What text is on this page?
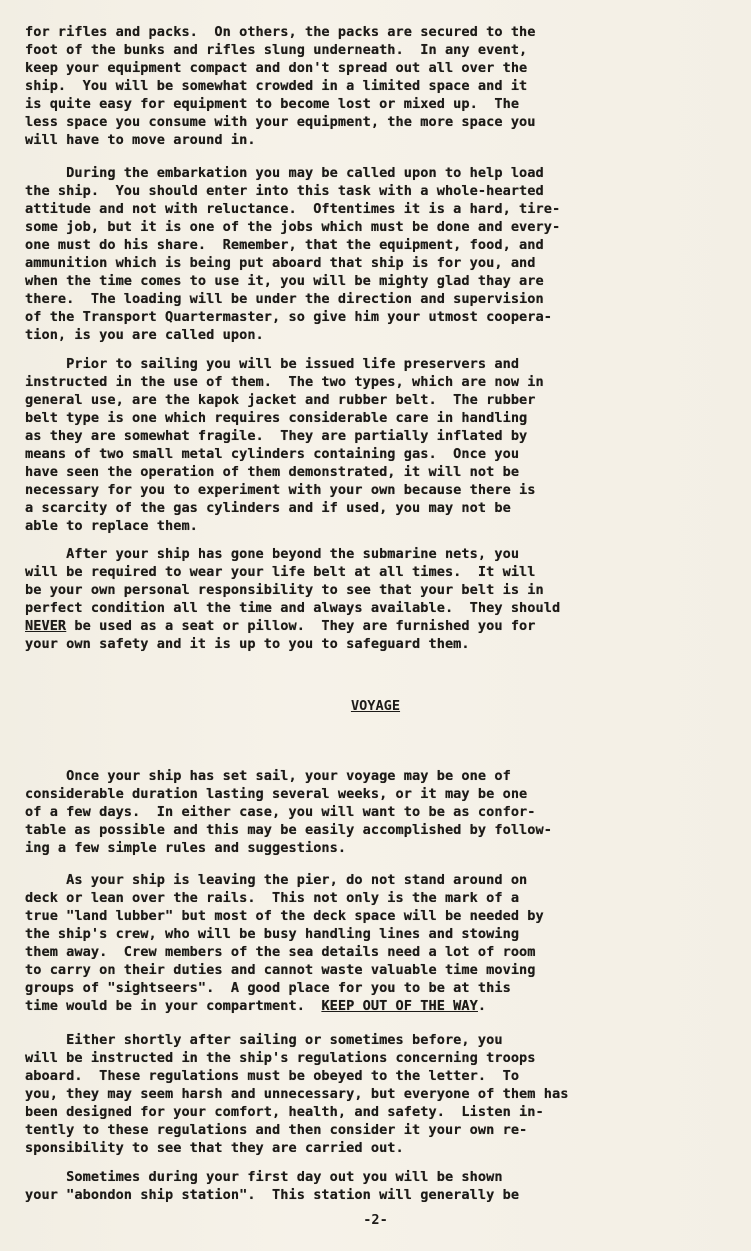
for rifles and packs.  On others, the packs are secured to the
foot of the bunks and rifles slung underneath.  In any event,
keep your equipment compact and don't spread out all over the
ship.  You will be somewhat crowded in a limited space and it
is quite easy for equipment to become lost or mixed up.  The
less space you consume with your equipment, the more space you
will have to move around in.
During the embarkation you may be called upon to help load
the ship.  You should enter into this task with a whole-hearted
attitude and not with reluctance.  Oftentimes it is a hard, tire-
some job, but it is one of the jobs which must be done and every-
one must do his share.  Remember, that the equipment, food, and
ammunition which is being put aboard that ship is for you, and
when the time comes to use it, you will be mighty glad thay are
there.  The loading will be under the direction and supervision
of the Transport Quartermaster, so give him your utmost coopera-
tion, is you are called upon.
Prior to sailing you will be issued life preservers and
instructed in the use of them.  The two types, which are now in
general use, are the kapok jacket and rubber belt.  The rubber
belt type is one which requires considerable care in handling
as they are somewhat fragile.  They are partially inflated by
means of two small metal cylinders containing gas.  Once you
have seen the operation of them demonstrated, it will not be
necessary for you to experiment with your own because there is
a scarcity of the gas cylinders and if used, you may not be
able to replace them.
After your ship has gone beyond the submarine nets, you
will be required to wear your life belt at all times.  It will
be your own personal responsibility to see that your belt is in
perfect condition all the time and always available.  They should
NEVER be used as a seat or pillow.  They are furnished you for
your own safety and it is up to you to safeguard them.
VOYAGE
Once your ship has set sail, your voyage may be one of
considerable duration lasting several weeks, or it may be one
of a few days.  In either case, you will want to be as confor-
table as possible and this may be easily accomplished by follow-
ing a few simple rules and suggestions.
As your ship is leaving the pier, do not stand around on
deck or lean over the rails.  This not only is the mark of a
true "land lubber" but most of the deck space will be needed by
the ship's crew, who will be busy handling lines and stowing
them away.  Crew members of the sea details need a lot of room
to carry on their duties and cannot waste valuable time moving
groups of "sightseers".  A good place for you to be at this
time would be in your compartment.  KEEP OUT OF THE WAY.
Either shortly after sailing or sometimes before, you
will be instructed in the ship's regulations concerning troops
aboard.  These regulations must be obeyed to the letter.  To
you, they may seem harsh and unnecessary, but everyone of them has
been designed for your comfort, health, and safety.  Listen in-
tently to these regulations and then consider it your own re-
sponsibility to see that they are carried out.
Sometimes during your first day out you will be shown
your "abondon ship station".  This station will generally be
-2-
